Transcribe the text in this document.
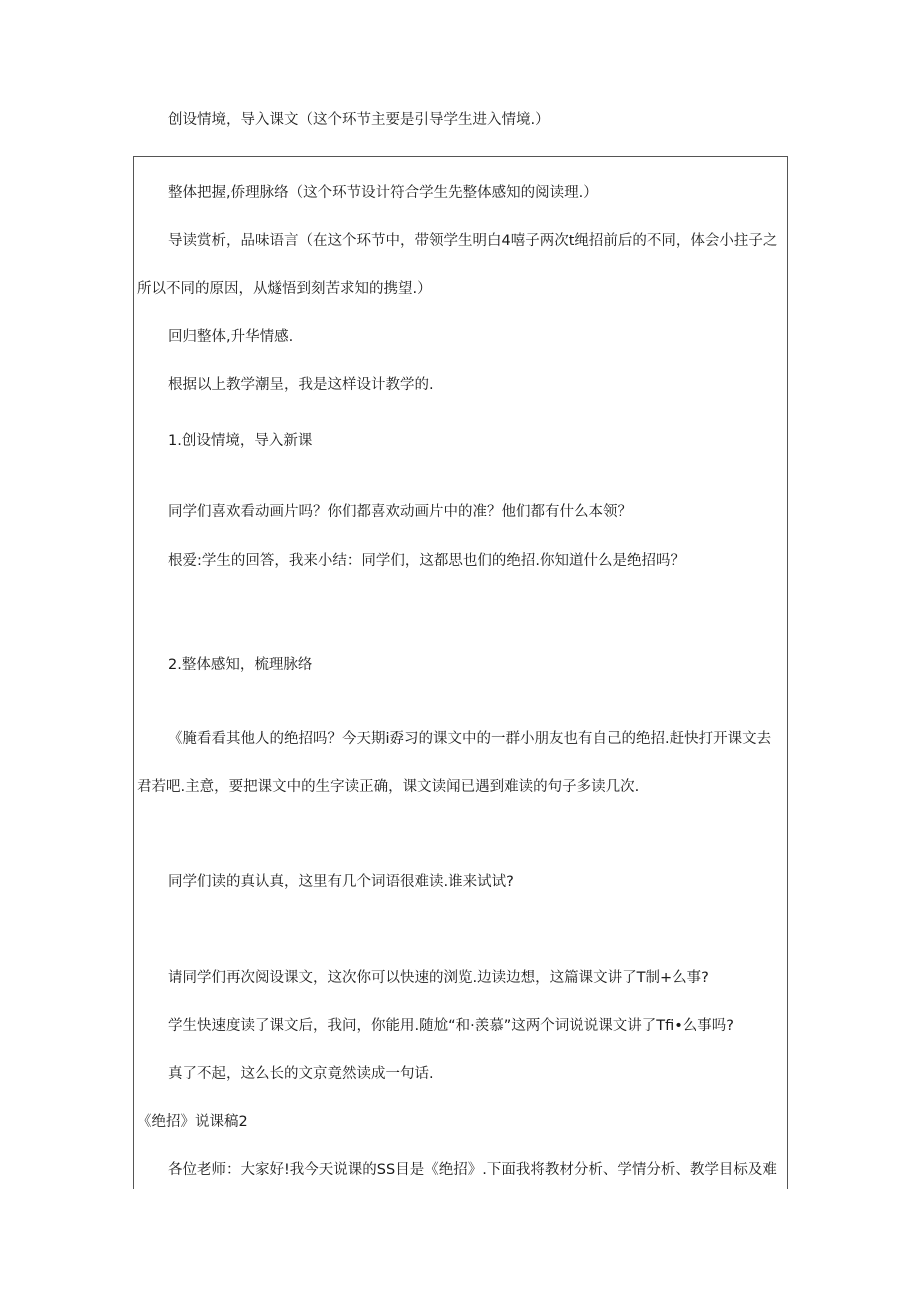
创设情境，导入课文（这个环节主要是引导学生进入情境.）
整体把握,侨理脉络（这个环节设计符合学生先整体感知的阅读理.）
导读赏析，品味语言（在这个环节中，带领学生明白4嘻子两次t绳招前后的不同，体会小拄子之
所以不同的原因，从燧悟到刻苦求知的携望.）
回归整体,升华情感.
根据以上教学潮呈，我是这样设计教学的.
1.创设情境，导入新课
同学们喜欢看动画片吗？你们都喜欢动画片中的准？他们都有什么本领？
根爱:学生的回答，我来小结：同学们，这都思也们的绝招.你知道什么是绝招吗？
2.整体感知，梳理脉络
《腌看看其他人的绝招吗？今天期i孬习的课文中的一群小朋友也有自己的绝招.赶快打开课文去
君若吧.主意，要把课文中的生字读正确，课文读闻已遇到难读的句子多读几次.
同学们读的真认真，这里有几个词语很难读.谁来试试?
请同学们再次阅设课文，这次你可以快速的浏览.边读边想，这篇课文讲了T制+么事?
学生快速度读了课文后，我问，你能用.随尬“和·羡慕”这两个词说说课文讲了Tfi•么事吗?
真了不起，这么长的文京竟然读成一句话.
《绝招》说课稿2
各位老师：大家好!我今天说课的SS目是《绝招》.下面我将教材分析、学情分析、教学目标及难
